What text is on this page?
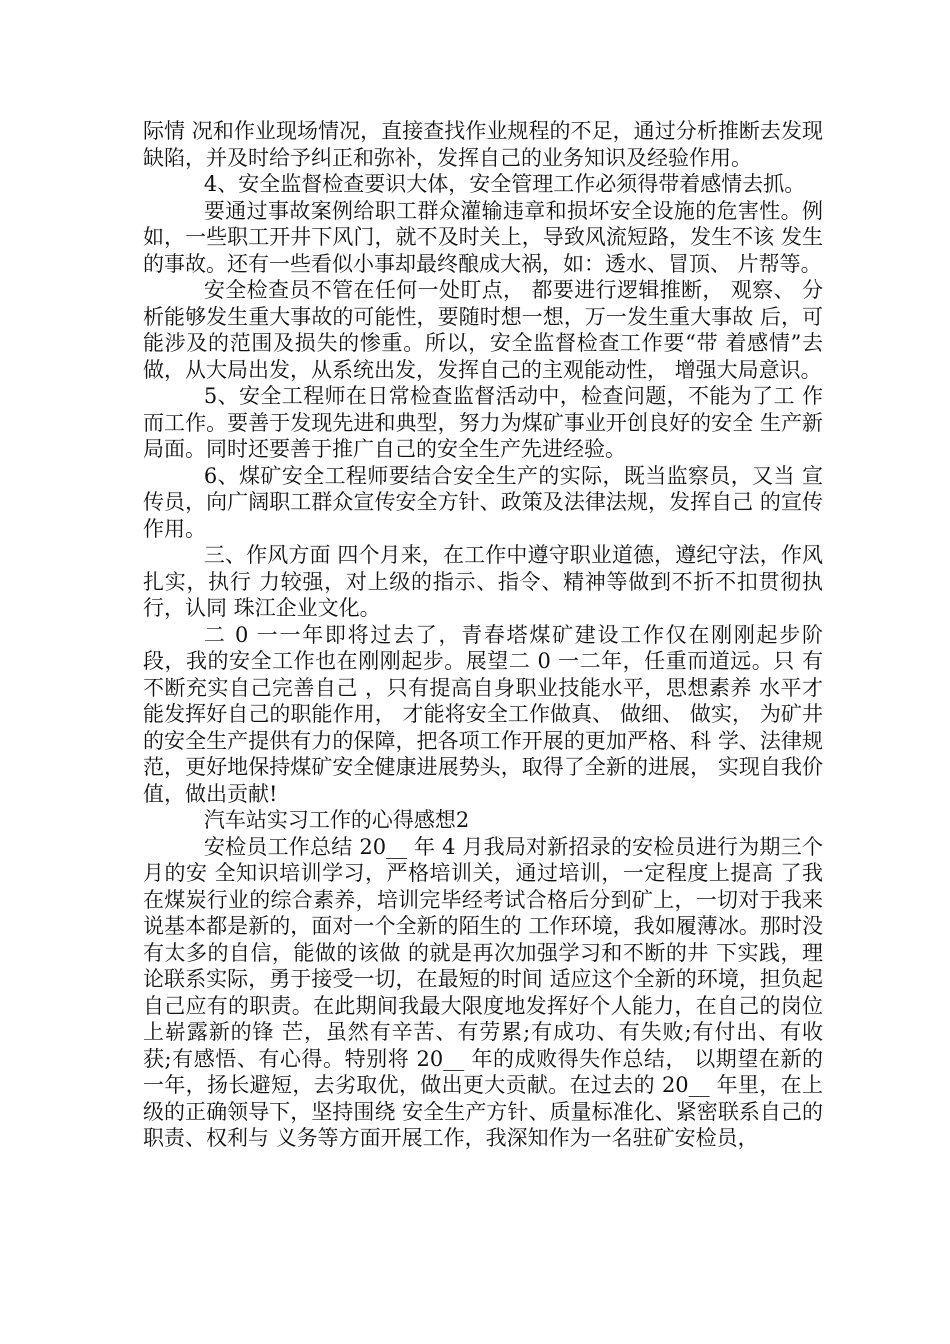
际情 况和作业现场情况，直接查找作业规程的不足，通过分析推断去发现 缺陷，并及时给予纠正和弥补，发挥自己的业务知识及经验作用。

4、安全监督检查要识大体，安全管理工作必须得带着感情去抓。

要通过事故案例给职工群众灌输违章和损坏安全设施的危害性。例 如，一些职工开井下风门，就不及时关上，导致风流短路，发生不该 发生的事故。还有一些看似小事却最终酿成大祸，如：透水、冒顶、 片帮等。

安全检查员不管在任何一处盯点， 都要进行逻辑推断， 观察、 分析能够发生重大事故的可能性，要随时想一想，万一发生重大事故 后，可能涉及的范围及损失的惨重。所以，安全监督检查工作要“带 着感情”去做，从大局出发，从系统出发，发挥自己的主观能动性， 增强大局意识。

5、安全工程师在日常检查监督活动中，检查问题，不能为了工 作而工作。要善于发现先进和典型，努力为煤矿事业开创良好的安全 生产新局面。同时还要善于推广自己的安全生产先进经验。

6、煤矿安全工程师要结合安全生产的实际，既当监察员，又当 宣传员，向广阔职工群众宣传安全方针、政策及法律法规，发挥自己 的宣传作用。

三、作风方面 四个月来，在工作中遵守职业道德，遵纪守法，作风扎实，执行 力较强，对上级的指示、指令、精神等做到不折不扣贯彻执行，认同 珠江企业文化。

二 0 一一年即将过去了，青春塔煤矿建设工作仅在刚刚起步阶 段，我的安全工作也在刚刚起步。展望二 0 一二年，任重而道远。只 有不断充实自己完善自己 ，只有提高自身职业技能水平，思想素养 水平才能发挥好自己的职能作用， 才能将安全工作做真、 做细、 做实， 为矿井的安全生产提供有力的保障，把各项工作开展的更加严格、科 学、法律规范，更好地保持煤矿安全健康进展势头，取得了全新的进展， 实现自我价值，做出贡献!

汽车站实习工作的心得感想2

安检员工作总结 20__ 年 4 月我局对新招录的安检员进行为期三个月的安 全知识培训学习，严格培训关，通过培训，一定程度上提高 了我在煤炭行业的综合素养，培训完毕经考试合格后分到矿上，一切对于我来说基本都是新的，面对一个全新的陌生的 工作环境，我如履薄冰。那时没有太多的自信，能做的该做 的就是再次加强学习和不断的井 下实践，理论联系实际，勇于接受一切，在最短的时间 适应这个全新的环境，担负起自己应有的职责。在此期间我最大限度地发挥好个人能力，在自己的岗位上崭露新的锋 芒，虽然有辛苦、有劳累;有成功、有失败;有付出、有收 获;有感悟、有心得。特别将 20__ 年的成败得失作总结， 以期望在新的一年，扬长避短，去劣取优，做出更大贡献。在过去的 20__ 年里，在上级的正确领导下，坚持围绕 安全生产方针、质量标准化、紧密联系自己的职责、权利与 义务等方面开展工作，我深知作为一名驻矿安检员，
